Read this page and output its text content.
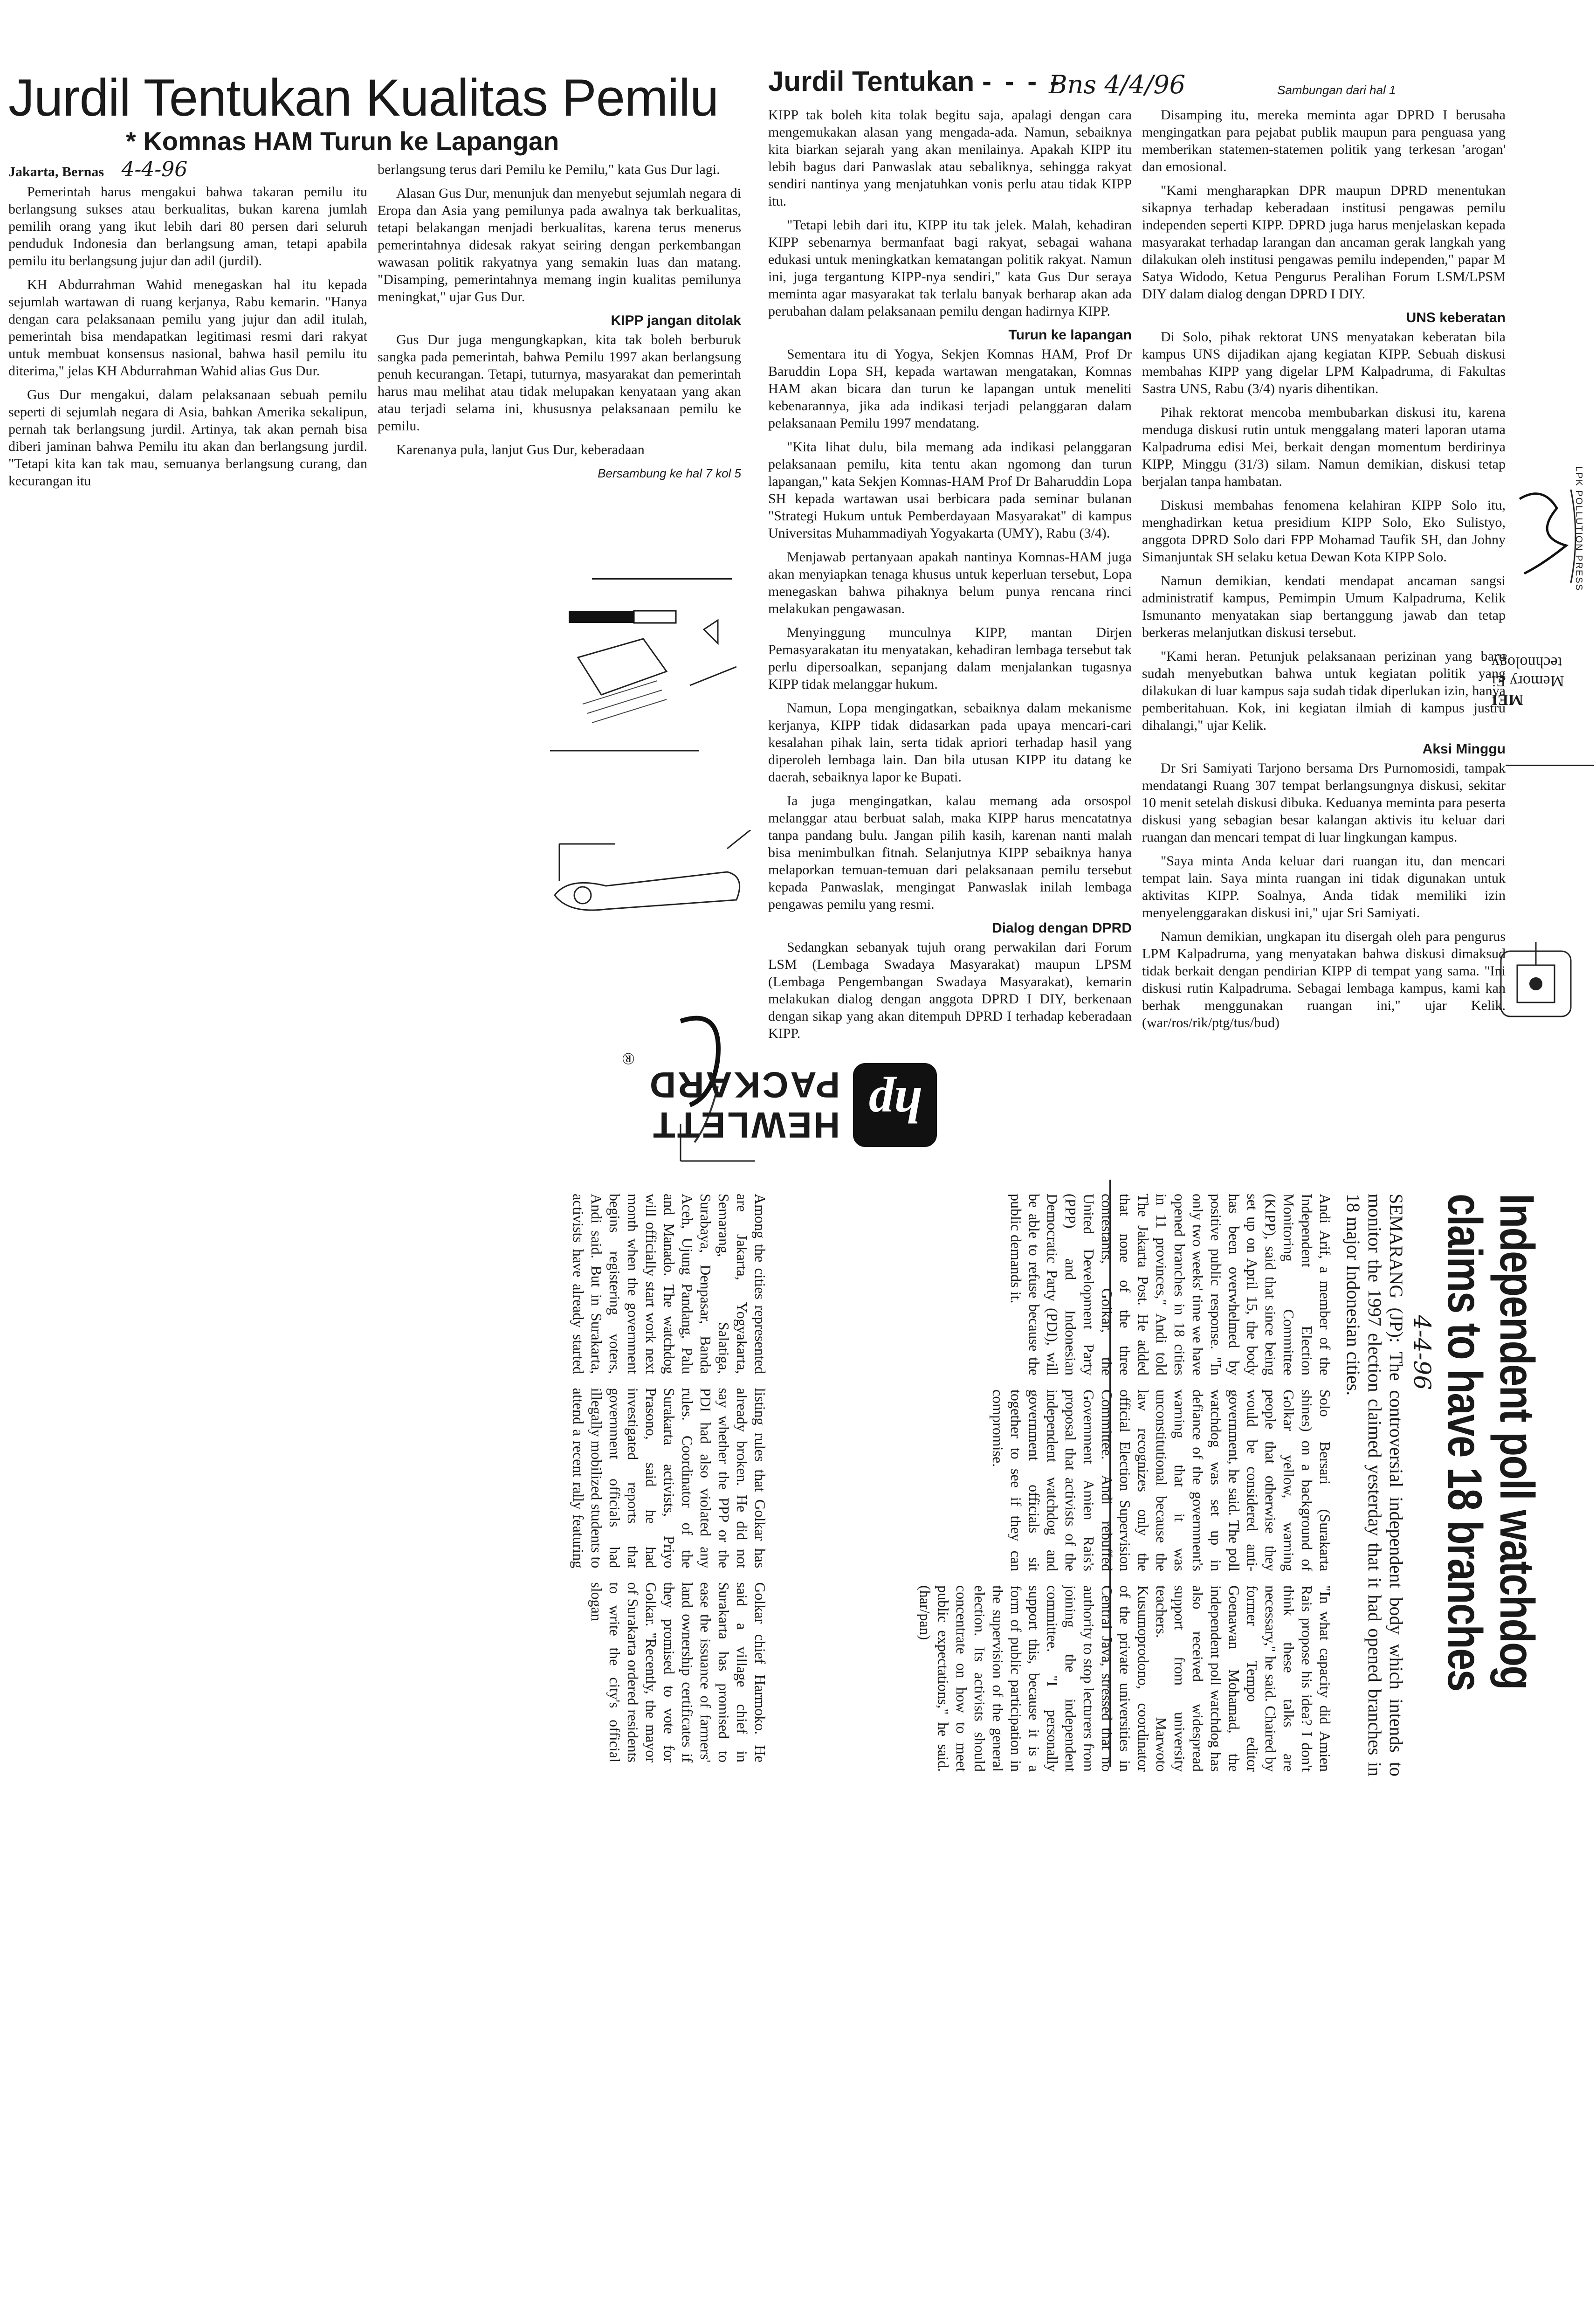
Jurdil Tentukan Kualitas Pemilu
* Komnas HAM Turun ke Lapangan
Jakarta, Bernas 4-4-96

Pemerintah harus mengakui bahwa takaran pemilu itu berlangsung sukses atau berkualitas, bukan karena jumlah pemilih orang yang ikut lebih dari 80 persen dari seluruh penduduk Indonesia dan berlangsung aman, tetapi apabila pemilu itu berlangsung jujur dan adil (jurdil).

KH Abdurrahman Wahid menegaskan hal itu kepada sejumlah wartawan di ruang kerjanya, Rabu kemarin. "Hanya dengan cara pelaksanaan pemilu yang jujur dan adil itulah, pemerintah bisa mendapatkan legitimasi resmi dari rakyat untuk membuat konsensus nasional, bahwa hasil pemilu itu diterima," jelas KH Abdurrahman Wahid alias Gus Dur.

Gus Dur mengakui, dalam pelaksanaan sebuah pemilu seperti di sejumlah negara di Asia, bahkan Amerika sekalipun, pernah tak berlangsung jurdil. Artinya, tak akan pernah bisa diberi jaminan bahwa Pemilu itu akan dan berlangsung jurdil. "Tetapi kita kan tak mau, semuanya berlangsung curang, dan kecurangan itu

berlangsung terus dari Pemilu ke Pemilu," kata Gus Dur lagi.

Alasan Gus Dur, menunjuk dan menyebut sejumlah negara di Eropa dan Asia yang pemilunya pada awalnya tak berkualitas, tetapi belakangan menjadi berkualitas, karena terus menerus pemerintahnya didesak rakyat seiring dengan perkembangan wawasan politik rakyatnya yang semakin luas dan matang. "Disamping, pemerintahnya memang ingin kualitas pemilunya meningkat," ujar Gus Dur.

KIPP jangan ditolak

Gus Dur juga mengungkapkan, kita tak boleh berburuk sangka pada pemerintah, bahwa Pemilu 1997 akan berlangsung penuh kecurangan. Tetapi, tuturnya, masyarakat dan pemerintah harus mau melihat atau tidak melupakan kenyataan yang akan atau terjadi selama ini, khususnya pelaksanaan pemilu ke pemilu.

Karenanya pula, lanjut Gus Dur, keberadaan

Bersambung ke hal 7 kol 5
Jurdil Tentukan - - - -
Bns 4/4/96	Sambungan dari hal 1

KIPP tak boleh kita tolak begitu saja, apalagi dengan cara mengemukakan alasan yang mengada-ada. Namun, sebaiknya kita biarkan sejarah yang akan menilainya. Apakah KIPP itu lebih bagus dari Panwaslak atau sebaliknya, sehingga rakyat sendiri nantinya yang menjatuhkan vonis perlu atau tidak KIPP itu.

"Tetapi lebih dari itu, KIPP itu tak jelek. Malah, kehadiran KIPP sebenarnya bermanfaat bagi rakyat, sebagai wahana edukasi untuk meningkatkan kematangan politik rakyat. Namun ini, juga tergantung KIPP-nya sendiri," kata Gus Dur seraya meminta agar masyarakat tak terlalu banyak berharap akan ada perubahan dalam pelaksanaan pemilu dengan hadirnya KIPP.

Turun ke lapangan

Sementara itu di Yogya, Sekjen Komnas HAM, Prof Dr Baruddin Lopa SH, kepada wartawan mengatakan, Komnas HAM akan bicara dan turun ke lapangan untuk meneliti kebenarannya, jika ada indikasi terjadi pelanggaran dalam pelaksanaan Pemilu 1997 mendatang.

"Kita lihat dulu, bila memang ada indikasi pelanggaran pelaksanaan pemilu, kita tentu akan ngomong dan turun lapangan," kata Sekjen Komnas-HAM Prof Dr Baharuddin Lopa SH kepada wartawan usai berbicara pada seminar bulanan "Strategi Hukum untuk Pemberdayaan Masyarakat" di kampus Universitas Muhammadiyah Yogyakarta (UMY), Rabu (3/4).

Menjawab pertanyaan apakah nantinya Komnas-HAM juga akan menyiapkan tenaga khusus untuk keperluan tersebut, Lopa menegaskan bahwa pihaknya belum punya rencana rinci melakukan pengawasan.

Menyinggung munculnya KIPP, mantan Dirjen Pemasyarakatan itu menyatakan, kehadiran lembaga tersebut tak perlu dipersoalkan, sepanjang dalam menjalankan tugasnya KIPP tidak melanggar hukum.

Namun, Lopa mengingatkan, sebaiknya dalam mekanisme kerjanya, KIPP tidak didasarkan pada upaya mencari-cari kesalahan pihak lain, serta tidak apriori terhadap hasil yang diperoleh lembaga lain. Dan bila utusan KIPP itu datang ke daerah, sebaiknya lapor ke Bupati.

Ia juga mengingatkan, kalau memang ada orsospol melanggar atau berbuat salah, maka KIPP harus mencatatnya tanpa pandang bulu. Jangan pilih kasih, karenan nanti malah bisa menimbulkan fitnah. Selanjutnya KIPP sebaiknya hanya melaporkan temuan-temuan dari pelaksanaan pemilu tersebut kepada Panwaslak, mengingat Panwaslak inilah lembaga pengawas pemilu yang resmi.

Dialog dengan DPRD

Sedangkan sebanyak tujuh orang perwakilan dari Forum LSM (Lembaga Swadaya Masyarakat) maupun LPSM (Lembaga Pengembangan Swadaya Masyarakat), kemarin melakukan dialog dengan anggota DPRD I DIY, berkenaan dengan sikap yang akan ditempuh DPRD I terhadap keberadaan KIPP.

Disamping itu, mereka meminta agar DPRD I berusaha mengingatkan para pejabat publik maupun para penguasa yang memberikan statemen-statemen politik yang terkesan 'arogan' dan emosional.

"Kami mengharapkan DPR maupun DPRD menentukan sikapnya terhadap keberadaan institusi pengawas pemilu independen seperti KIPP. DPRD juga harus menjelaskan kepada masyarakat terhadap larangan dan ancaman gerak langkah yang dilakukan oleh institusi pengawas pemilu independen," papar M Satya Widodo, Ketua Pengurus Peralihan Forum LSM/LPSM DIY dalam dialog dengan DPRD I DIY.

UNS keberatan

Di Solo, pihak rektorat UNS menyatakan keberatan bila kampus UNS dijadikan ajang kegiatan KIPP. Sebuah diskusi membahas KIPP yang digelar LPM Kalpadruma, di Fakultas Sastra UNS, Rabu (3/4) nyaris dihentikan.

Pihak rektorat mencoba membubarkan diskusi itu, karena mendugа diskusi rutin untuk menggalang materi laporan utama Kalpadruma edisi Mei, berkait dengan momentum berdirinya KIPP, Minggu (31/3) silam. Namun demikian, diskusi tetap berjalan tanpa hambatan.

Diskusi membahas fenomena kelahiran KIPP Solo itu, menghadirkan ketua presidium KIPP Solo, Eko Sulistyo, anggota DPRD Solo dari FPP Mohamad Taufik SH, dan Johny Simanjuntak SH selaku ketua Dewan Kota KIPP Solo.

Namun demikian, kendati mendapat ancaman sangsi administratif kampus, Pemimpin Umum Kalpadruma, Kelik Ismunanto menyatakan siap bertanggung jawab dan tetap berkeras melanjutkan diskusi tersebut.

"Kami heran. Petunjuk pelaksanaan perizinan yang baru sudah menyebutkan bahwa untuk kegiatan politik yang dilakukan di luar kampus saja sudah tidak diperlukan izin, hanya pemberitahuan. Kok, ini kegiatan ilmiah di kampus justru dihalangi," ujar Kelik.

Aksi Minggu

Dr Sri Samiyati Tarjono bersama Drs Purnomosidi, tampak mendatangi Ruang 307 tempat berlangsungnya diskusi, sekitar 10 menit setelah diskusi dibuka. Keduanya meminta para peserta diskusi yang sebagian besar kalangan aktivis itu keluar dari ruangan dan mencari tempat di luar lingkungan kampus.

"Saya minta Anda keluar dari ruangan itu, dan mencari tempat lain. Saya minta ruangan ini tidak digunakan untuk aktivitas KIPP. Soalnya, Anda tidak memiliki izin menyelenggarakan diskusi ini," ujar Sri Samiyati.

Namun demikian, ungkapan itu disergah oleh para pengurus LPM Kalpadruma, yang menyatakan bahwa diskusi dimaksud tidak berkait dengan pendirian KIPP di tempat yang sama. "Ini diskusi rutin Kalpadruma. Sebagai lembaga kampus, kami kan berhak menggunakan ruangan ini," ujar Kelik.(war/ros/rik/ptg/tus/bud)

LPK POLLUTION PRESS
MEI
Memory Ei
technology
Independent poll watchdog claims to have 18 branches
4-4-96
SEMARANG (JP): The controversial independent body which intends to monitor the 1997 election claimed yesterday that it had opened branches in 18 major Indonesian cities.
Andi Arif, a member of the Independent Election Monitoring Committee (KIPP), said that since being set up on April 15, the body has been overwhelmed by positive public response. "In only two weeks' time we have opened branches in 18 cities in 11 provinces," Andi told The Jakarta Post. He added that none of the three contestants, Golkar, the United Development Party (PPP) and Indonesian Democratic Party (PDI), will be able to refuse because the public demands it.
Solo Bersari (Surakarta shines) on a background of Golkar yellow, warning people that otherwise they would be considered anti-government, he said. The poll watchdog was set up in defiance of the government's warning that it was unconstitutional because the law recognizes only the official Election Supervision Committee. Andi rebuffed Government Amien Rais's proposal that activists of the independent watchdog and government officials sit together to see if they can compromise.
"In what capacity did Amien Rais propose his idea? I don't think these talks are necessary," he said. Chaired by former Tempo editor Goenawan Mohamad, the independent poll watchdog has also received widespread support from university teachers. Marwoto Kusumoprodono, coordinator of the private universities in Central Java, stressed that no authority to stop lecturers from joining the independent committee. "I personally support this, because it is a form of public participation in the supervision of the general election. Its activists should concentrate on how to meet public expectations," he said. (har/pan)
Among the cities represented are Jakarta, Yogyakarta, Semarang, Salatiga, Surabaya, Denpasar, Banda Aceh, Ujung Pandang, Palu and Manado. The watchdog will officially start work next month when the government begins registering voters, Andi said. But in Surakarta, activists have already started listing rules that Golkar has already broken. He did not say whether the PPP or the PDI had also violated any rules. Coordinator of the Surakarta activists, Priyo Prasono, said he had investigated reports that government officials had illegally mobilized students to attend a recent rally featuring Golkar chief Harmoko. He said a village chief in Surakarta has promised to ease the issuance of farmers' land ownership certificates if they promised to vote for Golkar. "Recently, the mayor of Surakarta ordered residents to write the city's official slogan
hp
HEWLETT
PACKARD
®
